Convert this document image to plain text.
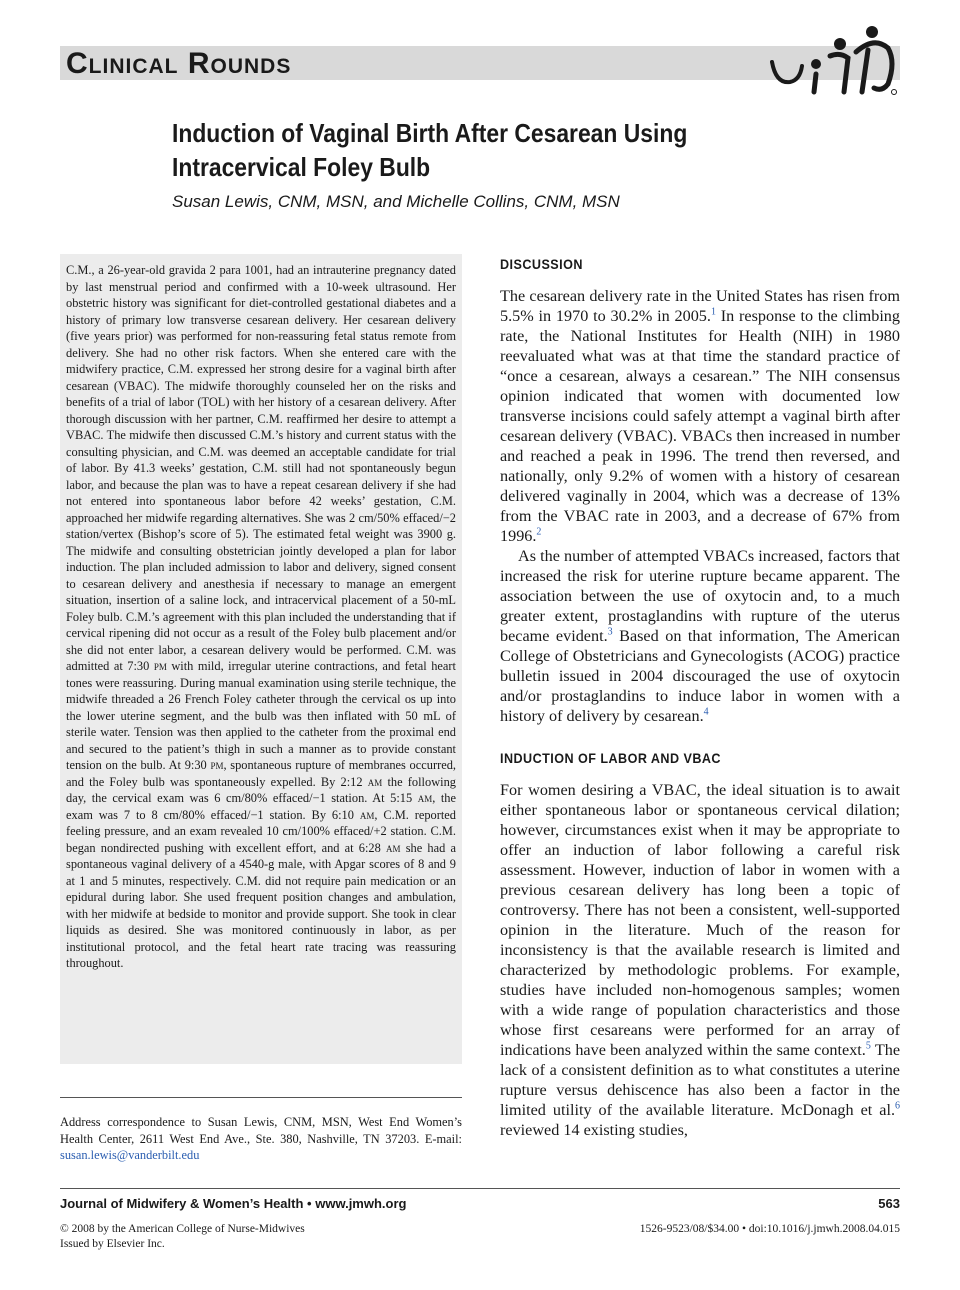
Clinical Rounds
Induction of Vaginal Birth After Cesarean Using Intracervical Foley Bulb

Susan Lewis, CNM, MSN, and Michelle Collins, CNM, MSN

C.M., a 26-year-old gravida 2 para 1001, had an intrauterine pregnancy dated by last menstrual period and confirmed with a 10-week ultrasound. Her obstetric history was significant for diet-controlled gestational diabetes and a history of primary low transverse cesarean delivery. Her cesarean delivery (five years prior) was performed for non-reassuring fetal status remote from delivery. She had no other risk factors. When she entered care with the midwifery practice, C.M. expressed her strong desire for a vaginal birth after cesarean (VBAC). The midwife thoroughly counseled her on the risks and benefits of a trial of labor (TOL) with her history of a cesarean delivery. After thorough discussion with her partner, C.M. reaffirmed her desire to attempt a VBAC. The midwife then discussed C.M.’s history and current status with the consulting physician, and C.M. was deemed an acceptable candidate for trial of labor. By 41.3 weeks’ gestation, C.M. still had not spontaneously begun labor, and because the plan was to have a repeat cesarean delivery if she had not entered into spontaneous labor before 42 weeks’ gestation, C.M. approached her midwife regarding alternatives. She was 2 cm/50% effaced/−2 station/vertex (Bishop’s score of 5). The estimated fetal weight was 3900 g. The midwife and consulting obstetrician jointly developed a plan for labor induction. The plan included admission to labor and delivery, signed consent to cesarean delivery and anesthesia if necessary to manage an emergent situation, insertion of a saline lock, and intracervical placement of a 50-mL Foley bulb. C.M.’s agreement with this plan included the understanding that if cervical ripening did not occur as a result of the Foley bulb placement and/or she did not enter labor, a cesarean delivery would be performed. C.M. was admitted at 7:30 pm with mild, irregular uterine contractions, and fetal heart tones were reassuring. During manual examination using sterile technique, the midwife threaded a 26 French Foley catheter through the cervical os up into the lower uterine segment, and the bulb was then inflated with 50 mL of sterile water. Tension was then applied to the catheter from the proximal end and secured to the patient’s thigh in such a manner as to provide constant tension on the bulb. At 9:30 pm, spontaneous rupture of membranes occurred, and the Foley bulb was spontaneously expelled. By 2:12 am the following day, the cervical exam was 6 cm/80% effaced/−1 station. At 5:15 am, the exam was 7 to 8 cm/80% effaced/−1 station. By 6:10 am, C.M. reported feeling pressure, and an exam revealed 10 cm/100% effaced/+2 station. C.M. began nondirected pushing with excellent effort, and at 6:28 am she had a spontaneous vaginal delivery of a 4540-g male, with Apgar scores of 8 and 9 at 1 and 5 minutes, respectively. C.M. did not require pain medication or an epidural during labor. She used frequent position changes and ambulation, with her midwife at bedside to monitor and provide support. She took in clear liquids as desired. She was monitored continuously in labor, as per institutional protocol, and the fetal heart rate tracing was reassuring throughout.

Address correspondence to Susan Lewis, CNM, MSN, West End Women’s Health Center, 2611 West End Ave., Ste. 380, Nashville, TN 37203. E-mail: susan.lewis@vanderbilt.edu

DISCUSSION

The cesarean delivery rate in the United States has risen from 5.5% in 1970 to 30.2% in 2005.$^1$ In response to the climbing rate, the National Institutes for Health (NIH) in 1980 reevaluated what was at that time the standard practice of “once a cesarean, always a cesarean.” The NIH consensus opinion indicated that women with documented low transverse incisions could safely attempt a vaginal birth after cesarean delivery (VBAC). VBACs then increased in number and reached a peak in 1996. The trend then reversed, and nationally, only 9.2% of women with a history of cesarean delivered vaginally in 2004, which was a decrease of 13% from the VBAC rate in 2003, and a decrease of 67% from 1996.$^2$

As the number of attempted VBACs increased, factors that increased the risk for uterine rupture became apparent. The association between the use of oxytocin and, to a much greater extent, prostaglandins with rupture of the uterus became evident.$^3$ Based on that information, The American College of Obstetricians and Gynecologists (ACOG) practice bulletin issued in 2004 discouraged the use of oxytocin and/or prostaglandins to induce labor in women with a history of delivery by cesarean.$^4$

INDUCTION OF LABOR AND VBAC

For women desiring a VBAC, the ideal situation is to await either spontaneous labor or spontaneous cervical dilation; however, circumstances exist when it may be appropriate to offer an induction of labor following a careful risk assessment. However, induction of labor in women with a previous cesarean delivery has long been a topic of controversy. There has not been a consistent, well-supported opinion in the literature. Much of the reason for inconsistency is that the available research is limited and characterized by methodologic problems. For example, studies have included non-homogenous samples; women with a wide range of population characteristics and those whose first cesareans were performed for an array of indications have been analyzed within the same context.$^5$ The lack of a consistent definition as to what constitutes a uterine rupture versus dehiscence has also been a factor in the limited utility of the available literature. McDonagh et al.$^6$ reviewed 14 existing studies,

Journal of Midwifery & Women’s Health • www.jmwh.org	563
© 2008 by the American College of Nurse-Midwives
Issued by Elsevier Inc.
1526-9523/08/$34.00 • doi:10.1016/j.jmwh.2008.04.015
